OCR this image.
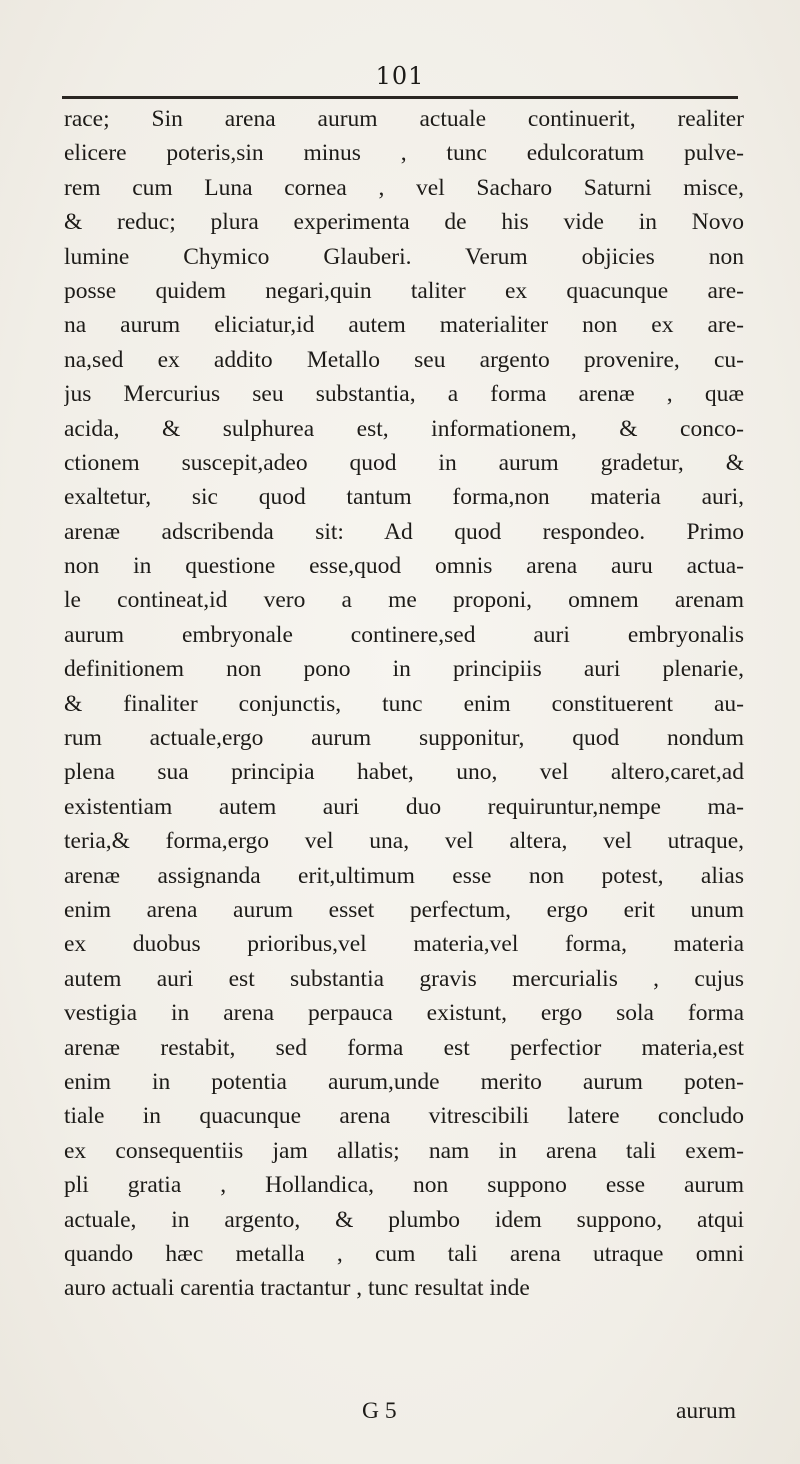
101
race; Sin arena aurum actuale continuerit, realiter
elicere poteris,sin minus , tunc edulcoratum pulve-
rem cum Luna cornea , vel Sacharo Saturni misce,
& reduc; plura experimenta de his vide in Novo
lumine Chymico Glauberi. Verum objicies non
posse quidem negari,quin taliter ex quacunque are-
na aurum eliciatur,id autem materialiter non ex are-
na,sed ex addito Metallo seu argento provenire, cu-
jus Mercurius seu substantia, a forma arenæ , quæ
acida, & sulphurea est, informationem, & conco-
ctionem suscepit,adeo quod in aurum gradetur, &
exaltetur, sic quod tantum forma,non materia auri,
arenæ adscribenda sit: Ad quod respondeo. Primo
non in questione esse,quod omnis arena auru actua-
le contineat,id vero a me proponi, omnem arenam
aurum embryonale continere,sed auri embryonalis
definitionem non pono in principiis auri plenarie,
& finaliter conjunctis, tunc enim constituerent au-
rum actuale,ergo aurum supponitur, quod nondum
plena sua principia habet, uno, vel altero,caret,ad
existentiam autem auri duo requiruntur,nempe ma-
teria,& forma,ergo vel una, vel altera, vel utraque,
arenæ assignanda erit,ultimum esse non potest, alias
enim arena aurum esset perfectum, ergo erit unum
ex duobus prioribus,vel materia,vel forma, materia
autem auri est substantia gravis mercurialis , cujus
vestigia in arena perpauca existunt, ergo sola forma
arenæ restabit, sed forma est perfectior materia,est
enim in potentia aurum,unde merito aurum poten-
tiale in quacunque arena vitrescibili latere concludo
ex consequentiis jam allatis; nam in arena tali exem-
pli gratia , Hollandica, non suppono esse aurum
actuale, in argento, & plumbo idem suppono, atqui
quando hæc metalla , cum tali arena utraque omni
auro actuali carentia tractantur , tunc resultat inde
G 5	aurum
